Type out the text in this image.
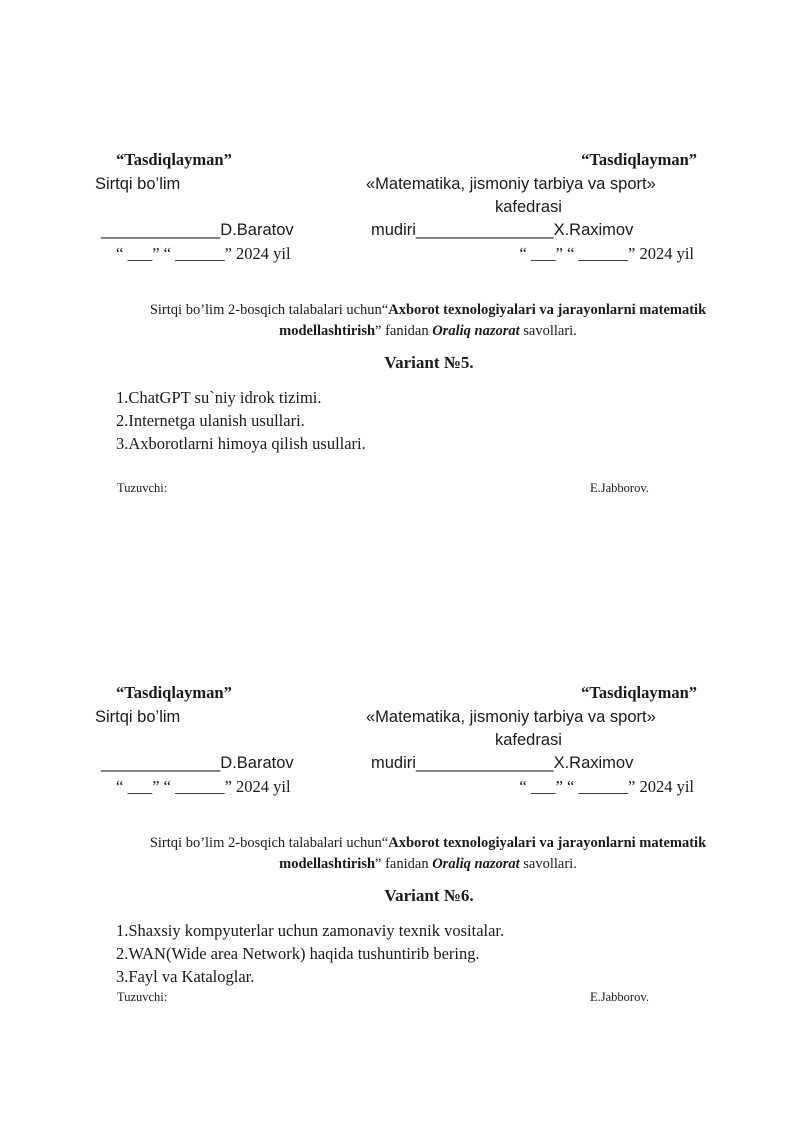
“Tasdiqlayman”	“Tasdiqlayman”
Sirtqi bo’lim	«Matematika, jismoniy tarbiya va sport»
kafedrasi
_____________D.Baratov	mudiri_______________X.Raximov
“ ___” “ ______” 2024 yil	“ ___” “ ______” 2024 yil
Sirtqi bo’lim 2-bosqich talabalari uchun“Axborot texnologiyalari va jarayonlarni matematik modellashtirish” fanidan Oraliq nazorat savollari.
Variant №5.
1.ChatGPT su`niy idrok tizimi.
2.Internetga ulanish usullari.
3.Axborotlarni himoya qilish usullari.
Tuzuvchi:	E.Jabborov.
“Tasdiqlayman”	“Tasdiqlayman”
Sirtqi bo’lim	«Matematika, jismoniy tarbiya va sport»
kafedrasi
_____________D.Baratov	mudiri_______________X.Raximov
“ ___” “ ______” 2024 yil	“ ___” “ ______” 2024 yil
Sirtqi bo’lim 2-bosqich talabalari uchun“Axborot texnologiyalari va jarayonlarni matematik modellashtirish” fanidan Oraliq nazorat savollari.
Variant №6.
1.Shaxsiy kompyuterlar uchun zamonaviy texnik vositalar.
2.WAN(Wide area Network) haqida tushuntirib bering.
3.Fayl va Kataloglar.
Tuzuvchi:	E.Jabborov.
